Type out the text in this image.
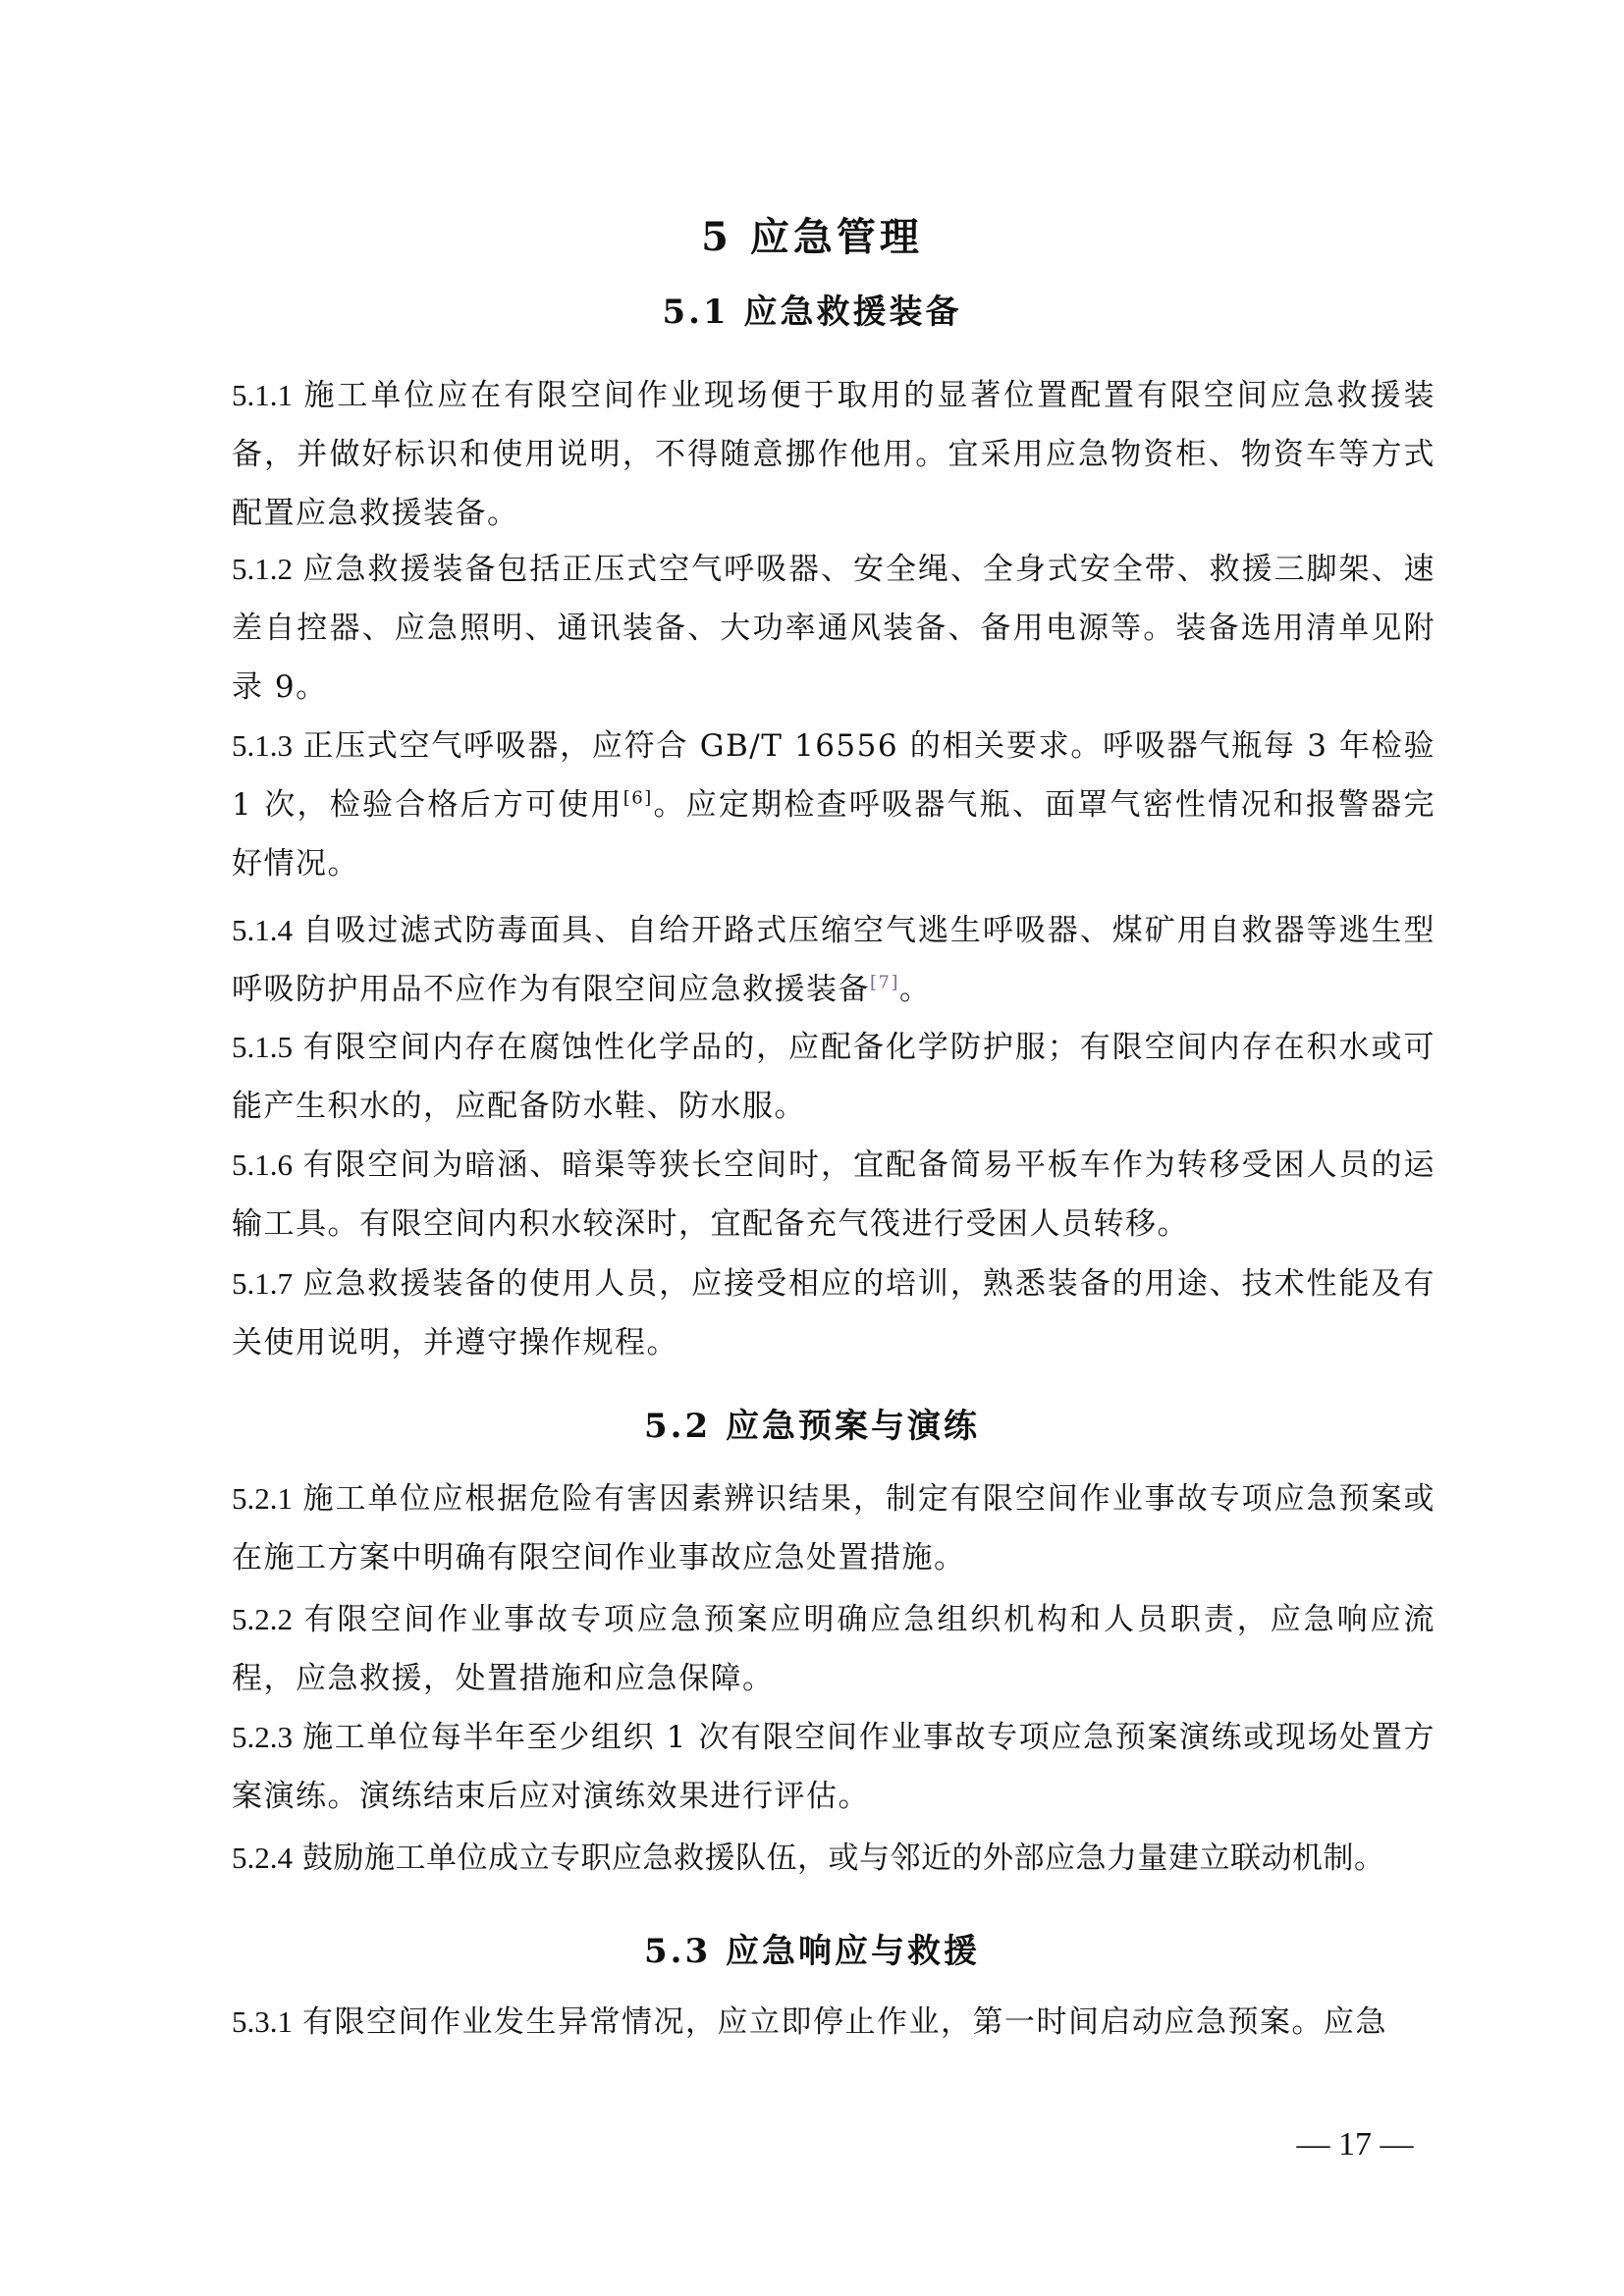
5 应急管理
5.1 应急救援装备
5.1.1 施工单位应在有限空间作业现场便于取用的显著位置配置有限空间应急救援装备，并做好标识和使用说明，不得随意挪作他用。宜采用应急物资柜、物资车等方式配置应急救援装备。
5.1.2 应急救援装备包括正压式空气呼吸器、安全绳、全身式安全带、救援三脚架、速差自控器、应急照明、通讯装备、大功率通风装备、备用电源等。装备选用清单见附录 9。
5.1.3 正压式空气呼吸器，应符合 GB/T 16556 的相关要求。呼吸器气瓶每 3 年检验 1 次，检验合格后方可使用[6]。应定期检查呼吸器气瓶、面罩气密性情况和报警器完好情况。
5.1.4 自吸过滤式防毒面具、自给开路式压缩空气逃生呼吸器、煤矿用自救器等逃生型呼吸防护用品不应作为有限空间应急救援装备[7]。
5.1.5 有限空间内存在腐蚀性化学品的，应配备化学防护服；有限空间内存在积水或可能产生积水的，应配备防水鞋、防水服。
5.1.6 有限空间为暗涵、暗渠等狭长空间时，宜配备简易平板车作为转移受困人员的运输工具。有限空间内积水较深时，宜配备充气筏进行受困人员转移。
5.1.7 应急救援装备的使用人员，应接受相应的培训，熟悉装备的用途、技术性能及有关使用说明，并遵守操作规程。
5.2 应急预案与演练
5.2.1 施工单位应根据危险有害因素辨识结果，制定有限空间作业事故专项应急预案或在施工方案中明确有限空间作业事故应急处置措施。
5.2.2 有限空间作业事故专项应急预案应明确应急组织机构和人员职责，应急响应流程，应急救援，处置措施和应急保障。
5.2.3 施工单位每半年至少组织 1 次有限空间作业事故专项应急预案演练或现场处置方案演练。演练结束后应对演练效果进行评估。
5.2.4 鼓励施工单位成立专职应急救援队伍，或与邻近的外部应急力量建立联动机制。
5.3 应急响应与救援
5.3.1 有限空间作业发生异常情况，应立即停止作业，第一时间启动应急预案。应急
— 17 —
